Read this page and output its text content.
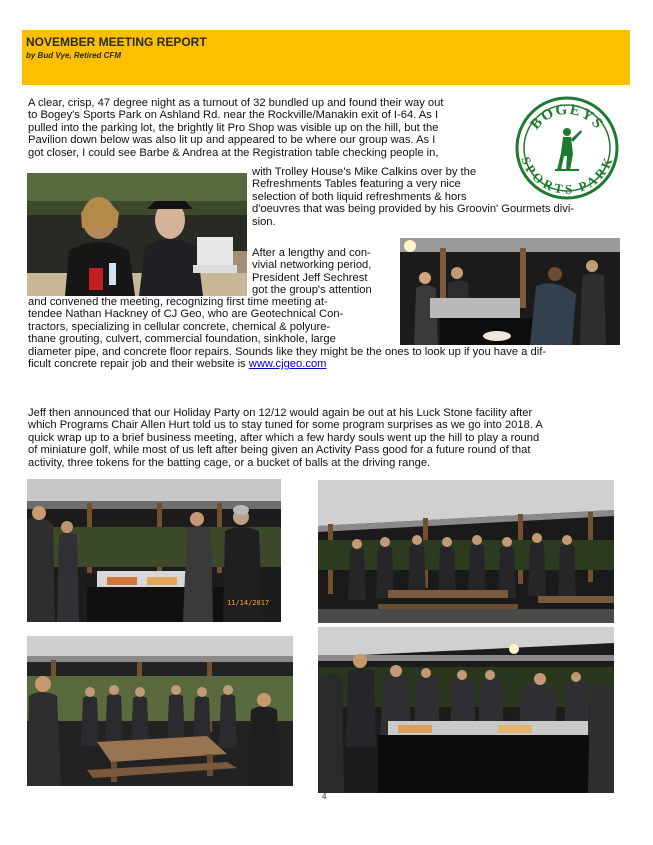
NOVEMBER MEETING REPORT
by Bud Vye, Retired CFM
BOGEYS
SPORTS PARK
A clear, crisp, 47 degree night as a turnout of 32 bundled up and found their way out
to Bogey's Sports Park on Ashland Rd. near the Rockville/Manakin exit of I-64. As I
pulled into the parking lot, the brightly lit Pro Shop was visible up on the hill, but the
Pavilion down below was also lit up and appeared to be where our group was. As I
got closer, I could see Barbe & Andrea at the Registration table checking people in,
with Trolley House's Mike Calkins over by the
Refreshments Tables featuring a very nice
selection of both liquid refreshments & hors
d'oeuvres that was being provided by his Groovin' Gourmets divi-
sion.
After a lengthy and con-
vivial networking period,
President Jeff Sechrest
got the group's attention
and convened the meeting, recognizing first time meeting at-
tendee Nathan Hackney of CJ Geo, who are Geotechnical Con-
tractors, specializing in cellular concrete, chemical & polyure-
thane grouting, culvert, commercial foundation, sinkhole, large
diameter pipe, and concrete floor repairs. Sounds like they might be the ones to look up if you have a dif-
ficult concrete repair job and their website is www.cjgeo.com
Jeff then announced that our Holiday Party on 12/12 would again be out at his Luck Stone facility after
which Programs Chair Allen Hurt told us to stay tuned for some program surprises as we go into 2018. A
quick wrap up to a brief business meeting, after which a few hardy souls went up the hill to play a round
of miniature golf, while most of us left after being given an Activity Pass good for a future round of that
activity, three tokens for the batting cage, or a bucket of balls at the driving range.
11/14/2017
4
